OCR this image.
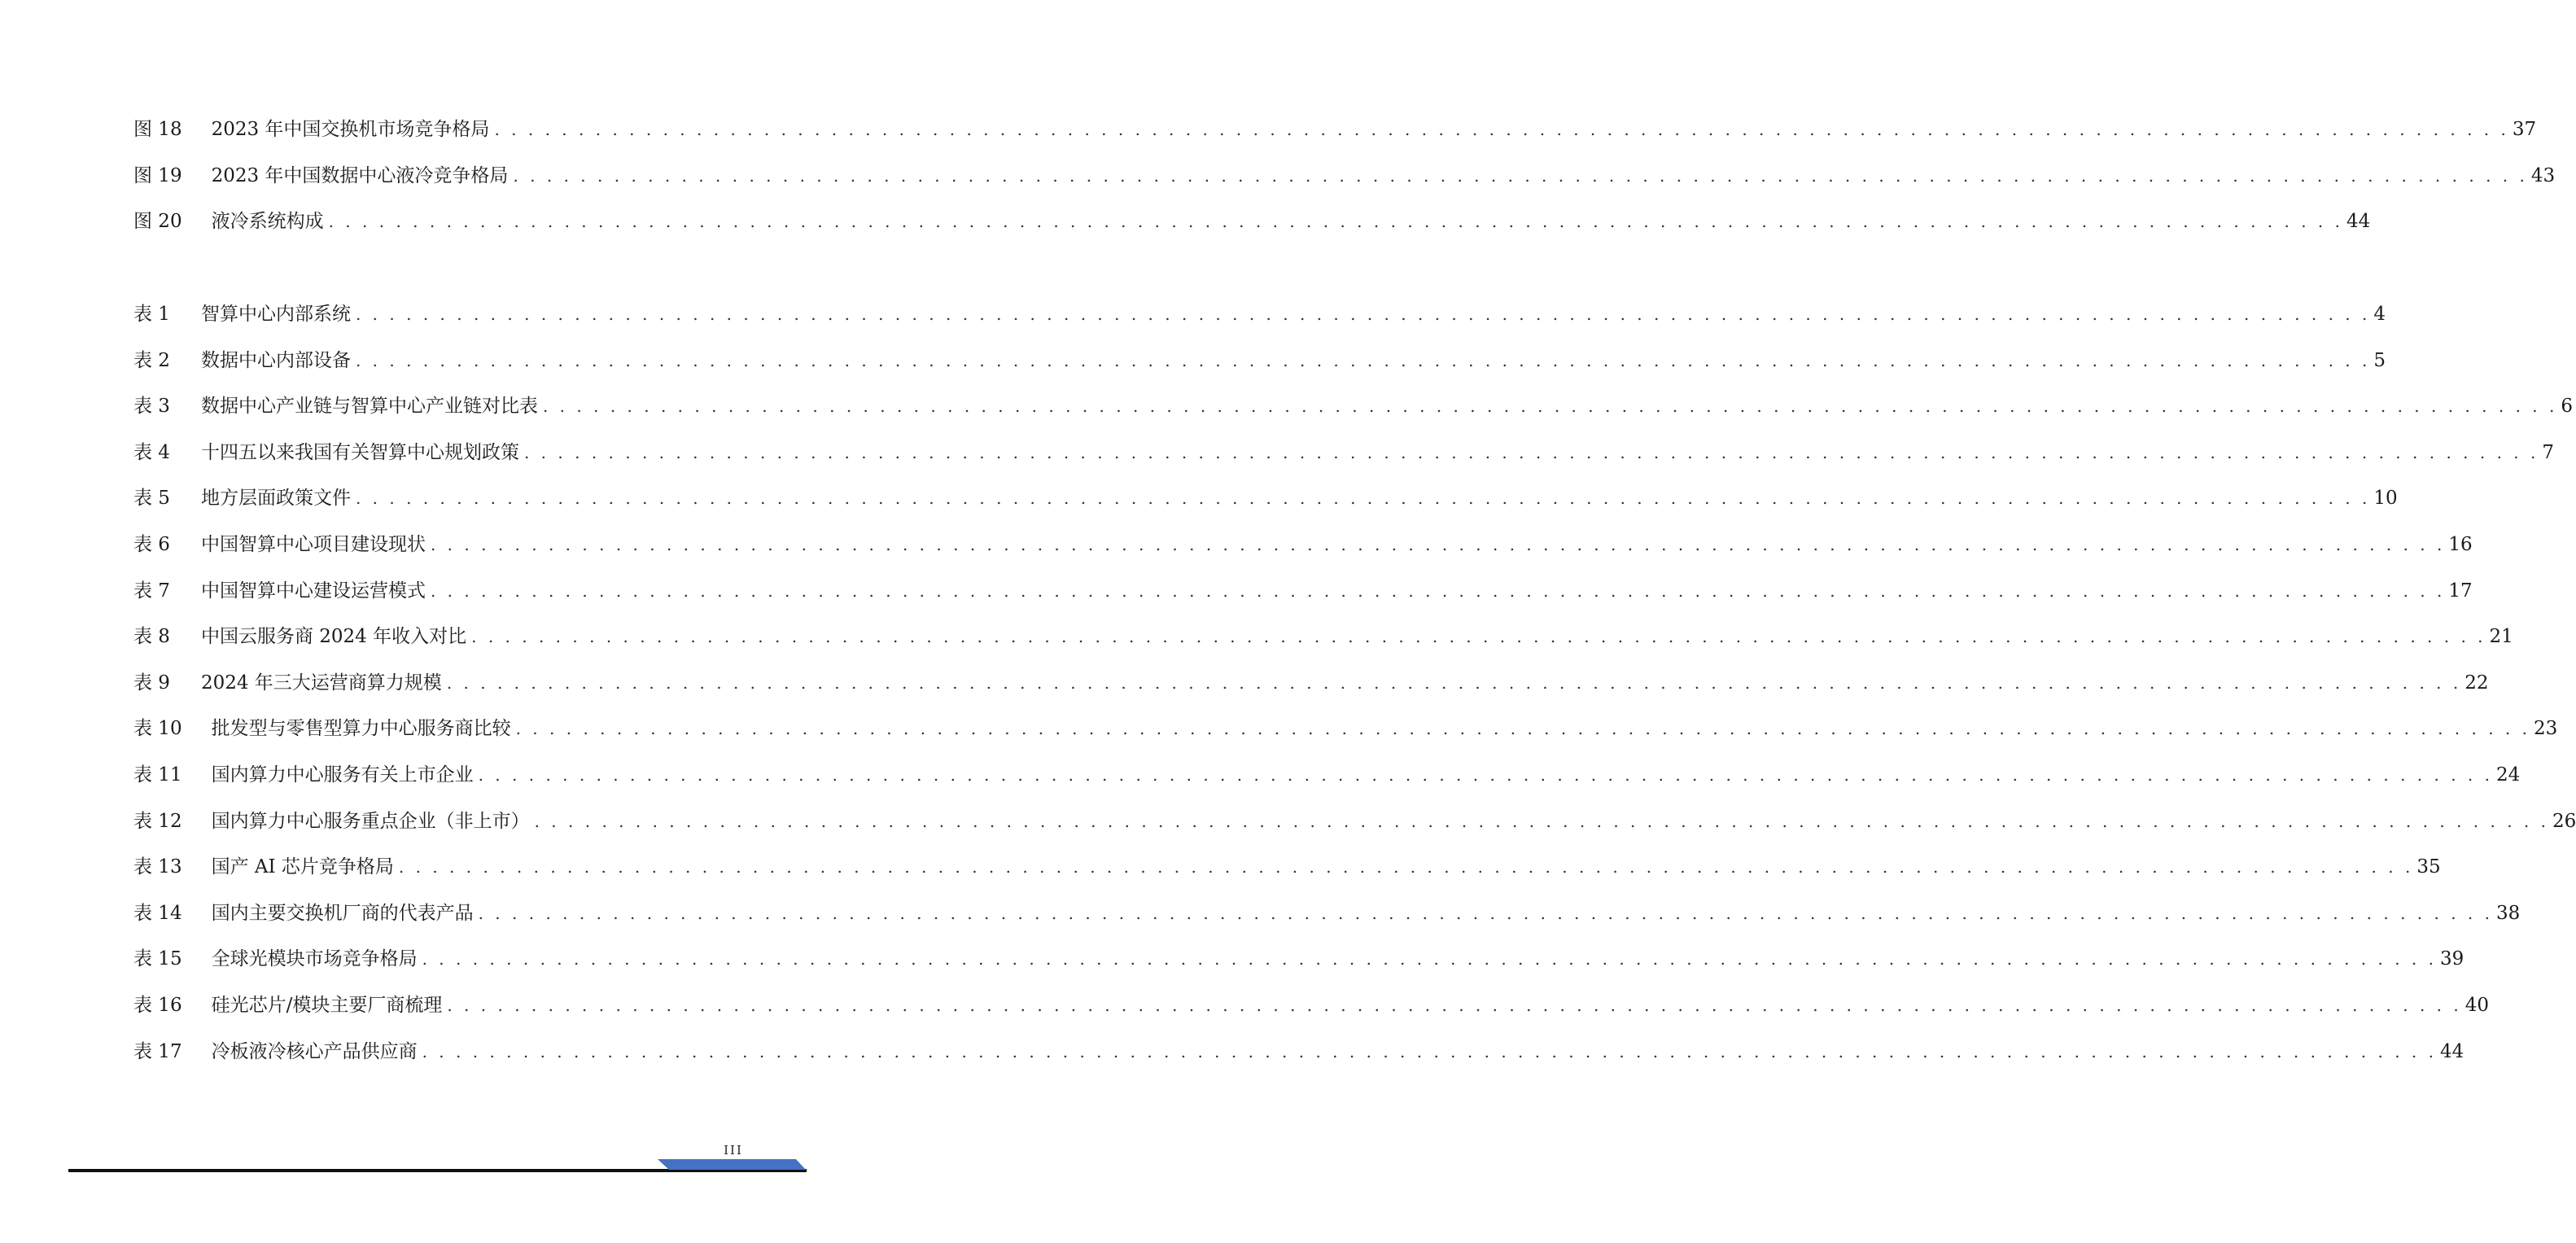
图 18 2023 年中国交换机市场竞争格局 . . . . . . . . . . . . . . . . . . . . . . . . . . . . . . . . . . . . . . . . . . . . . . . . . . . . . . . . . . . . . . . . . . . . . . . . . . . . . . . . . . . . . . . . . . . . . . . . . . . . . . . . . . . . . . . . . . . . . . . . 37
图 19 2023 年中国数据中心液冷竞争格局 . . . . . . . . . . . . . . . . . . . . . . . . . . . . . . . . . . . . . . . . . . . . . . . . . . . . . . . . . . . . . . . . . . . . . . . . . . . . . . . . . . . . . . . . . . . . . . . . . . . . . . . . . . . . . . . . . . . . . . . . 43
图 20 液冷系统构成 . . . . . . . . . . . . . . . . . . . . . . . . . . . . . . . . . . . . . . . . . . . . . . . . . . . . . . . . . . . . . . . . . . . . . . . . . . . . . . . . . . . . . . . . . . . . . . . . . . . . . . . . . . . . . . . . . . . . . . . . 44
表 1 智算中心内部系统 . . . . . . . . . . . . . . . . . . . . . . . . . . . . . . . . . . . . . . . . . . . . . . . . . . . . . . . . . . . . . . . . . . . . . . . . . . . . . . . . . . . . . . . . . . . . . . . . . . . . . . . . . . . . . . . . . . . . . . . . 4
表 2 数据中心内部设备 . . . . . . . . . . . . . . . . . . . . . . . . . . . . . . . . . . . . . . . . . . . . . . . . . . . . . . . . . . . . . . . . . . . . . . . . . . . . . . . . . . . . . . . . . . . . . . . . . . . . . . . . . . . . . . . . . . . . . . . . 5
表 3 数据中心产业链与智算中心产业链对比表 . . . . . . . . . . . . . . . . . . . . . . . . . . . . . . . . . . . . . . . . . . . . . . . . . . . . . . . . . . . . . . . . . . . . . . . . . . . . . . . . . . . . . . . . . . . . . . . . . . . . . . . . . . . . . . . . . . . . . . . . 6
表 4 十四五以来我国有关智算中心规划政策 . . . . . . . . . . . . . . . . . . . . . . . . . . . . . . . . . . . . . . . . . . . . . . . . . . . . . . . . . . . . . . . . . . . . . . . . . . . . . . . . . . . . . . . . . . . . . . . . . . . . . . . . . . . . . . . . . . . . . . . . 7
表 5 地方层面政策文件 . . . . . . . . . . . . . . . . . . . . . . . . . . . . . . . . . . . . . . . . . . . . . . . . . . . . . . . . . . . . . . . . . . . . . . . . . . . . . . . . . . . . . . . . . . . . . . . . . . . . . . . . . . . . . . . . . . . . . . . . 10
表 6 中国智算中心项目建设现状 . . . . . . . . . . . . . . . . . . . . . . . . . . . . . . . . . . . . . . . . . . . . . . . . . . . . . . . . . . . . . . . . . . . . . . . . . . . . . . . . . . . . . . . . . . . . . . . . . . . . . . . . . . . . . . . . . . . . . . . . 16
表 7 中国智算中心建设运营模式 . . . . . . . . . . . . . . . . . . . . . . . . . . . . . . . . . . . . . . . . . . . . . . . . . . . . . . . . . . . . . . . . . . . . . . . . . . . . . . . . . . . . . . . . . . . . . . . . . . . . . . . . . . . . . . . . . . . . . . . . 17
表 8 中国云服务商 2024 年收入对比 . . . . . . . . . . . . . . . . . . . . . . . . . . . . . . . . . . . . . . . . . . . . . . . . . . . . . . . . . . . . . . . . . . . . . . . . . . . . . . . . . . . . . . . . . . . . . . . . . . . . . . . . . . . . . . . . . . . . . . . . 21
表 9 2024 年三大运营商算力规模 . . . . . . . . . . . . . . . . . . . . . . . . . . . . . . . . . . . . . . . . . . . . . . . . . . . . . . . . . . . . . . . . . . . . . . . . . . . . . . . . . . . . . . . . . . . . . . . . . . . . . . . . . . . . . . . . . . . . . . . . 22
表 10 批发型与零售型算力中心服务商比较 . . . . . . . . . . . . . . . . . . . . . . . . . . . . . . . . . . . . . . . . . . . . . . . . . . . . . . . . . . . . . . . . . . . . . . . . . . . . . . . . . . . . . . . . . . . . . . . . . . . . . . . . . . . . . . . . . . . . . . . . 23
表 11 国内算力中心服务有关上市企业 . . . . . . . . . . . . . . . . . . . . . . . . . . . . . . . . . . . . . . . . . . . . . . . . . . . . . . . . . . . . . . . . . . . . . . . . . . . . . . . . . . . . . . . . . . . . . . . . . . . . . . . . . . . . . . . . . . . . . . . . 24
表 12 国内算力中心服务重点企业（非上市） . . . . . . . . . . . . . . . . . . . . . . . . . . . . . . . . . . . . . . . . . . . . . . . . . . . . . . . . . . . . . . . . . . . . . . . . . . . . . . . . . . . . . . . . . . . . . . . . . . . . . . . . . . . . . . . . . . . . . . . . 26
表 13 国产 AI 芯片竞争格局 . . . . . . . . . . . . . . . . . . . . . . . . . . . . . . . . . . . . . . . . . . . . . . . . . . . . . . . . . . . . . . . . . . . . . . . . . . . . . . . . . . . . . . . . . . . . . . . . . . . . . . . . . . . . . . . . . . . . . . . . 35
表 14 国内主要交换机厂商的代表产品 . . . . . . . . . . . . . . . . . . . . . . . . . . . . . . . . . . . . . . . . . . . . . . . . . . . . . . . . . . . . . . . . . . . . . . . . . . . . . . . . . . . . . . . . . . . . . . . . . . . . . . . . . . . . . . . . . . . . . . . . 38
表 15 全球光模块市场竞争格局 . . . . . . . . . . . . . . . . . . . . . . . . . . . . . . . . . . . . . . . . . . . . . . . . . . . . . . . . . . . . . . . . . . . . . . . . . . . . . . . . . . . . . . . . . . . . . . . . . . . . . . . . . . . . . . . . . . . . . . . . 39
表 16 硅光芯片/模块主要厂商梳理 . . . . . . . . . . . . . . . . . . . . . . . . . . . . . . . . . . . . . . . . . . . . . . . . . . . . . . . . . . . . . . . . . . . . . . . . . . . . . . . . . . . . . . . . . . . . . . . . . . . . . . . . . . . . . . . . . . . . . . . . 40
表 17 冷板液冷核心产品供应商 . . . . . . . . . . . . . . . . . . . . . . . . . . . . . . . . . . . . . . . . . . . . . . . . . . . . . . . . . . . . . . . . . . . . . . . . . . . . . . . . . . . . . . . . . . . . . . . . . . . . . . . . . . . . . . . . . . . . . . . . 44
III
